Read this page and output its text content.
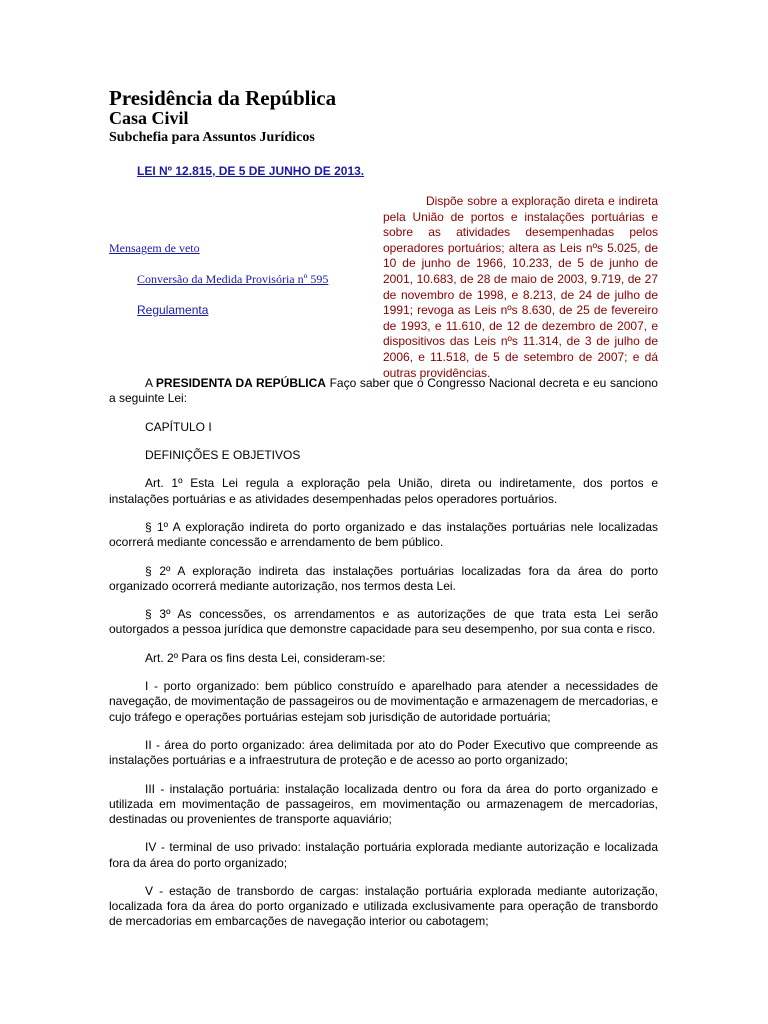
Presidência da República
Casa Civil
Subchefia para Assuntos Jurídicos
LEI Nº 12.815, DE 5 DE JUNHO DE 2013.
Dispõe sobre a exploração direta e indireta pela União de portos e instalações portuárias e sobre as atividades desempenhadas pelos operadores portuários; altera as Leis nºs 5.025, de 10 de junho de 1966, 10.233, de 5 de junho de 2001, 10.683, de 28 de maio de 2003, 9.719, de 27 de novembro de 1998, e 8.213, de 24 de julho de 1991; revoga as Leis nºs 8.630, de 25 de fevereiro de 1993, e 11.610, de 12 de dezembro de 2007, e dispositivos das Leis nºs 11.314, de 3 de julho de 2006, e 11.518, de 5 de setembro de 2007; e dá outras providências.
Mensagem de veto
Conversão da Medida Provisória nº 595
Regulamenta

A PRESIDENTA DA REPÚBLICA Faço saber que o Congresso Nacional decreta e eu sanciono a seguinte Lei:

CAPÍTULO I

DEFINIÇÕES E OBJETIVOS

Art. 1º Esta Lei regula a exploração pela União, direta ou indiretamente, dos portos e instalações portuárias e as atividades desempenhadas pelos operadores portuários.

§ 1º A exploração indireta do porto organizado e das instalações portuárias nele localizadas ocorrerá mediante concessão e arrendamento de bem público.

§ 2º A exploração indireta das instalações portuárias localizadas fora da área do porto organizado ocorrerá mediante autorização, nos termos desta Lei.

§ 3º As concessões, os arrendamentos e as autorizações de que trata esta Lei serão outorgados a pessoa jurídica que demonstre capacidade para seu desempenho, por sua conta e risco.

Art. 2º Para os fins desta Lei, consideram-se:

I - porto organizado: bem público construído e aparelhado para atender a necessidades de navegação, de movimentação de passageiros ou de movimentação e armazenagem de mercadorias, e cujo tráfego e operações portuárias estejam sob jurisdição de autoridade portuária;

II - área do porto organizado: área delimitada por ato do Poder Executivo que compreende as instalações portuárias e a infraestrutura de proteção e de acesso ao porto organizado;

III - instalação portuária: instalação localizada dentro ou fora da área do porto organizado e utilizada em movimentação de passageiros, em movimentação ou armazenagem de mercadorias, destinadas ou provenientes de transporte aquaviário;

IV - terminal de uso privado: instalação portuária explorada mediante autorização e localizada fora da área do porto organizado;

V - estação de transbordo de cargas: instalação portuária explorada mediante autorização, localizada fora da área do porto organizado e utilizada exclusivamente para operação de transbordo de mercadorias em embarcações de navegação interior ou cabotagem;
